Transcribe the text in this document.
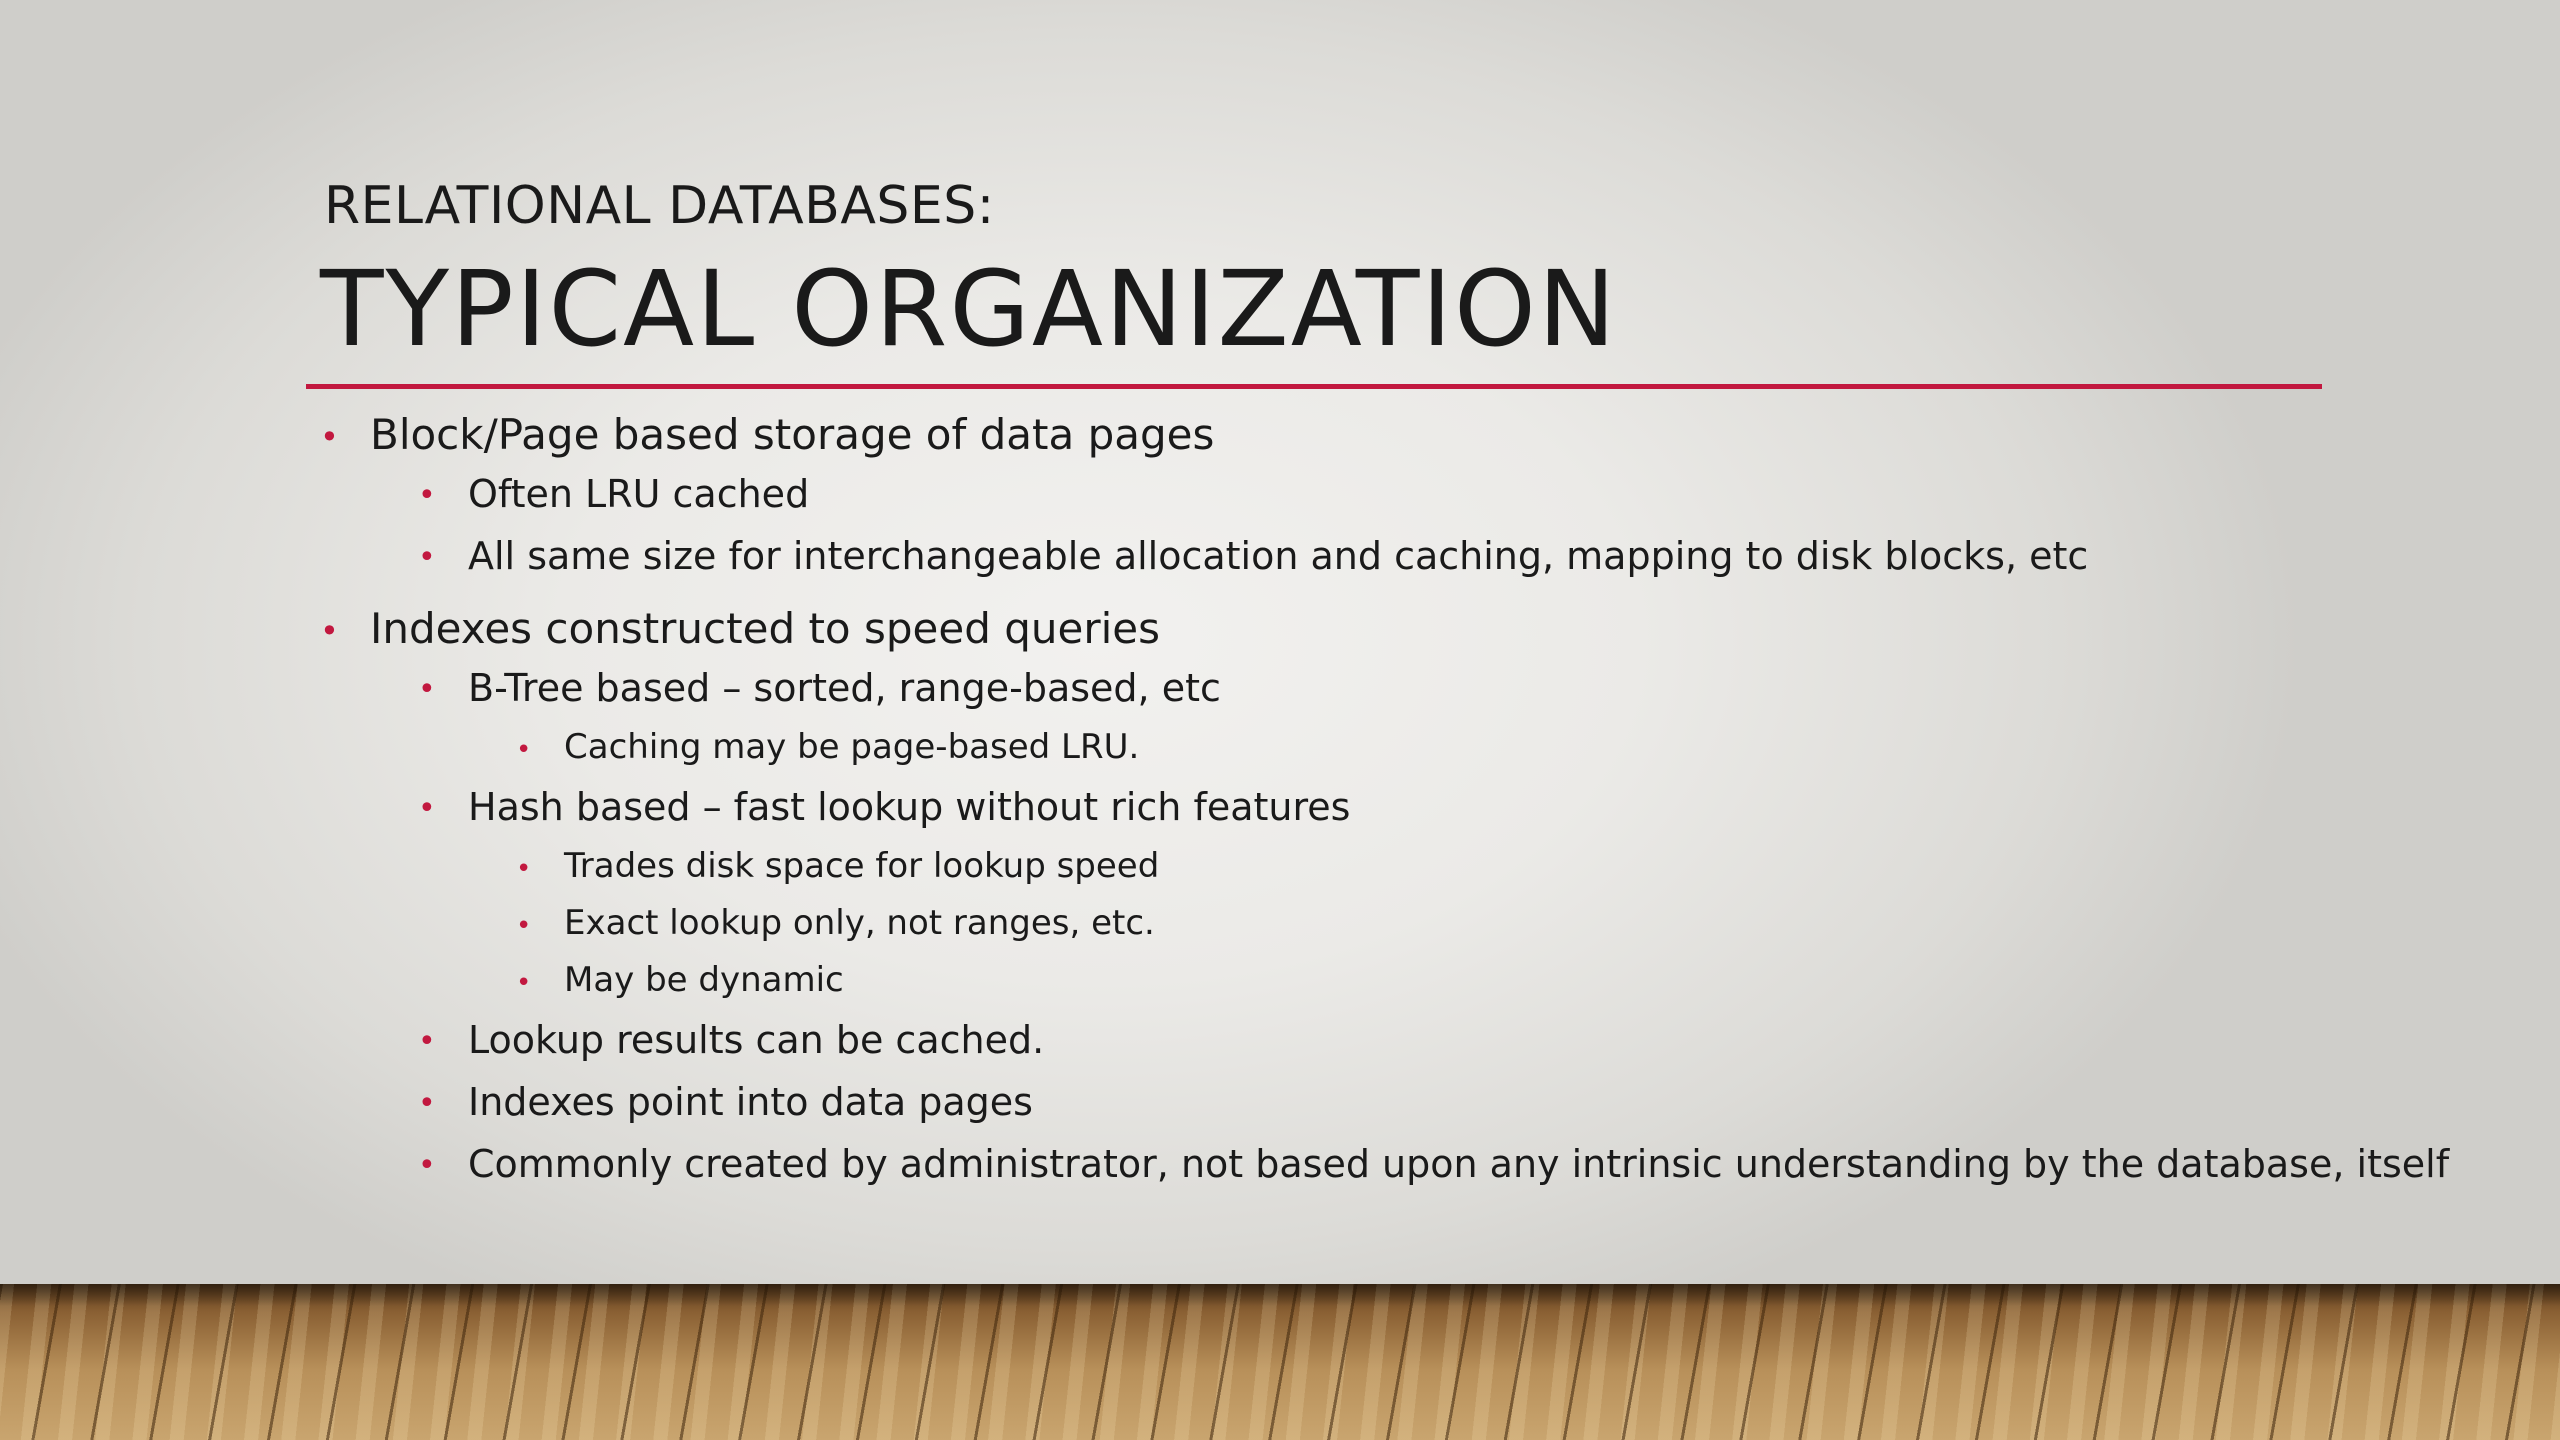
RELATIONAL DATABASES:
TYPICAL ORGANIZATION
• Block/Page based storage of data pages
• Often LRU cached
• All same size for interchangeable allocation and caching, mapping to disk blocks, etc
• Indexes constructed to speed queries
• B-Tree based – sorted, range-based, etc
• Caching may be page-based LRU.
• Hash based – fast lookup without rich features
• Trades disk space for lookup speed
• Exact lookup only, not ranges, etc.
• May be dynamic
• Lookup results can be cached.
• Indexes point into data pages
• Commonly created by administrator, not based upon any intrinsic understanding by the database, itself
